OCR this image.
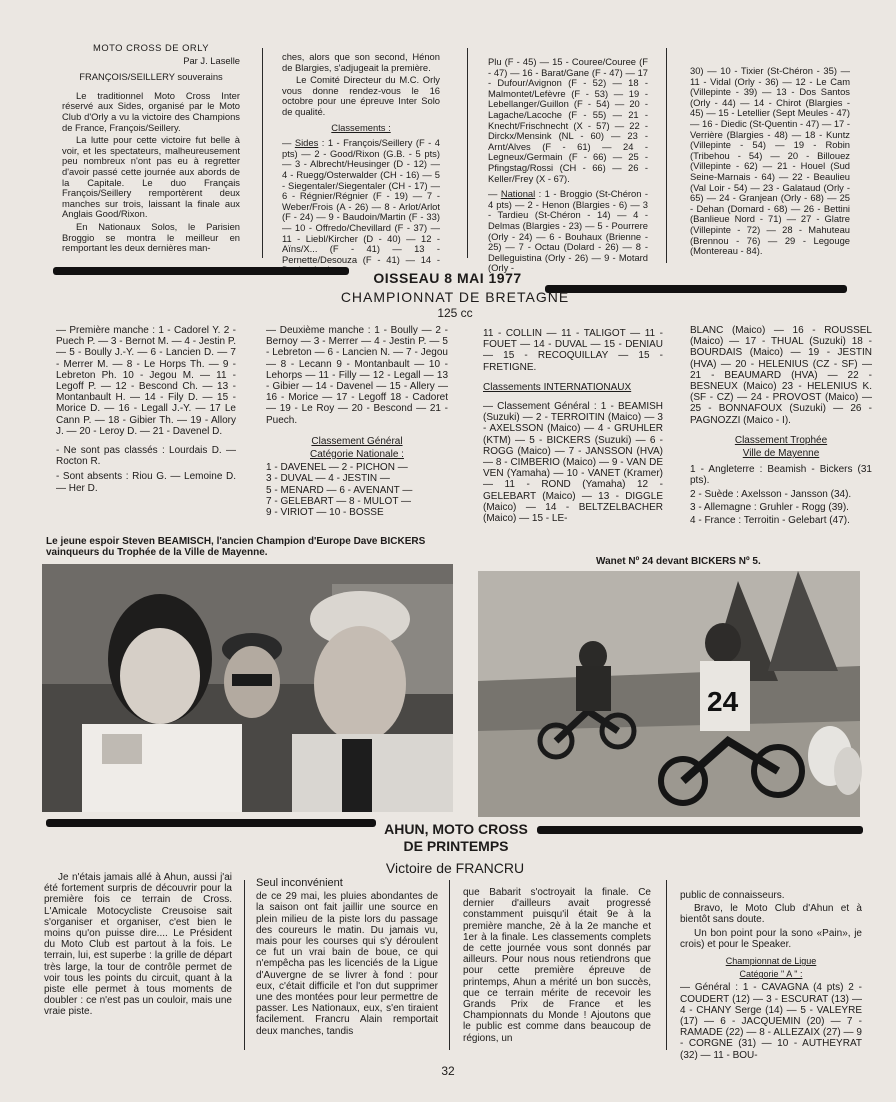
MOTO CROSS DE ORLY

Par J. Laselle

FRANÇOIS/SEILLERY souverains

Le traditionnel Moto Cross Inter réservé aux Sides, organisé par le Moto Club d'Orly a vu la victoire des Champions de France, François/Seillery.

La lutte pour cette victoire fut belle à voir, et les spectateurs, malheureusement peu nombreux n'ont pas eu à regretter d'avoir passé cette journée aux abords de la Capitale. Le duo Français François/Seillery remportèrent deux manches sur trois, laissant la finale aux Anglais Good/Rixon.

En Nationaux Solos, le Parisien Broggio se montra le meilleur en remportant les deux dernières man-

ches, alors que son second, Hénon de Blargies, s'adjugeait la première.

Le Comité Directeur du M.C. Orly vous donne rendez-vous le 16 octobre pour une épreuve Inter Solo de qualité.

Classements :

— Sides : 1 - François/Seillery (F - 4 pts) — 2 - Good/Rixon (G.B. - 5 pts) — 3 - Albrecht/Heusinger (D - 12) — 4 - Ruegg/Osterwalder (CH - 16) — 5 - Siegentaler/Siegentaler (CH - 17) — 6 - Régnier/Régnier (F - 19) — 7 - Weber/Frois (A - 26) — 8 - Arlot/Arlot (F - 24) — 9 - Baudoin/Martin (F - 33) — 10 - Offredo/Chevillard (F - 37) — 11 - Liebl/Kircher (D - 40) — 12 - Aïns/X... (F - 41) — 13 - Pernette/Desouza (F - 41) — 14 -

Plu (F - 45) — 15 - Couree/Couree (F - 47) — 16 - Barat/Gane (F - 47) — 17 - Dufour/Avignon (F - 52) — 18 - Malmontet/Lefèvre (F - 53) — 19 - Lebellanger/Guillon (F - 54) — 20 - Lagache/Lacoche (F - 55) — 21 - Knecht/Frischnecht (X - 57) — 22 - Dirckx/Mensink (NL - 60) — 23 - Arnt/Alves (F - 61) — 24 - Legneux/Germain (F - 66) — 25 - Pfingstag/Rossi (CH - 66) — 26 - Keller/Frey (X - 67).

— National : 1 - Broggio (St-Chéron - 4 pts) — 2 - Henon (Blargies - 6) — 3 - Tardieu (St-Chéron - 14) — 4 - Delmas (Blargies - 23) — 5 - Pourrere (Orly - 24) — 6 - Bouhaux (Brienne - 25) — 7 - Octau (Dolard - 26) — 8 - Delleguistina (Orly - 26) — 9 - Motard (Orly -

30) — 10 - Tixier (St-Chéron - 35) — 11 - Vidal (Orly - 36) — 12 - Le Cam (Villepinte - 39) — 13 - Dos Santos (Orly - 44) — 14 - Chirot (Blargies - 45) — 15 - Letellier (Sept Meules - 47) — 16 - Diedic (St-Quentin - 47) — 17 - Verrière (Blargies - 48) — 18 - Kuntz (Villepinte - 54) — 19 - Robin (Tribehou - 54) — 20 - Billouez (Villepinte - 62) — 21 - Houel (Sud Seine-Marnais - 64) — 22 - Beaulieu (Val Loir - 54) — 23 - Galataud (Orly - 65) — 24 - Granjean (Orly - 68) — 25 - Dehan (Domard - 68) — 26 - Bettini (Banlieue Nord - 71) — 27 - Glatre (Villepinte - 72) — 28 - Mahuteau (Brennou - 76) — 29 - Legouge (Montereau - 84).

OISSEAU 8 MAI 1977
CHAMPIONNAT DE BRETAGNE
125 cc

— Première manche : 1 - Cadorel Y. 2 - Puech P. — 3 - Bernot M. — 4 - Jestin P. — 5 - Boully J.-Y. — 6 - Lancien D. — 7 - Merrer M. — 8 - Le Horps Th. — 9 - Lebreton Ph. 10 - Jegou M. — 11 - Legoff P. — 12 - Bescond Ch. — 13 - Montanbault H. — 14 - Fily D. — 15 - Morice D. — 16 - Legall J.-Y. — 17 Le Cann P. — 18 - Gibier Th. — 19 - Allory J. — 20 - Leroy D. — 21 - Davenel D.

- Ne sont pas classés : Lourdais D. — Rocton R.

- Sont absents : Riou G. — Lemoine D. — Her D.

— Deuxième manche : 1 - Boully — 2 - Bernoy — 3 - Merrer — 4 - Jestin P. — 5 - Lebreton — 6 - Lancien N. — 7 - Jegou — 8 - Lecann 9 - Montanbault — 10 - Lehorps — 11 - Filly — 12 - Legall — 13 - Gibier — 14 - Davenel — 15 - Allery — 16 - Morice — 17 - Legoff 18 - Cadoret — 19 - Le Roy — 20 - Bescond — 21 - Puech.

Classement Général

Catégorie Nationale :

1 - DAVENEL — 2 - PICHON —

3 - DUVAL — 4 - JESTIN —

5 - MENARD — 6 - AVENANT —

7 - GELEBART — 8 - MULOT —

9 - VIRIOT — 10 - BOSSE

11 - COLLIN — 11 - TALIGOT — 11 - FOUET — 14 - DUVAL — 15 - DENIAU — 15 - RECOQUILLAY — 15 - FRETIGNE.

Classements INTERNATIONAUX

— Classement Général : 1 - BEAMISH (Suzuki) — 2 - TERROITIN (Maico) — 3 - AXELSSON (Maico) — 4 - GRUHLER (KTM) — 5 - BICKERS (Suzuki) — 6 - ROGG (Maico) — 7 - JANSSON (HVA) — 8 - CIMBERIO (Maico) — 9 - VAN DE VEN (Yamaha) — 10 - VANET (Kramer) — 11 - ROND (Yamaha) 12 - GELEBART (Maico) — 13 - DIGGLE (Maico) — 14 - BELTZELBACHER (Maico) — 15 - LE-

BLANC (Maico) — 16 - ROUSSEL (Maico) — 17 - THUAL (Suzuki) 18 - BOURDAIS (Maico) — 19 - JESTIN (HVA) — 20 - HELENIUS (CZ - SF) — 21 - BEAUMARD (HVA) — 22 - BESNEUX (Maico) 23 - HELENIUS K. (SF - CZ) — 24 - PROVOST (Maico) — 25 - BONNAFOUX (Suzuki) — 26 - PAGNOZZI (Maico - I).

Classement Trophée

Ville de Mayenne

1 - Angleterre : Beamish - Bickers (31 pts).

2 - Suède : Axelsson - Jansson (34).

3 - Allemagne : Gruhler - Rogg (39).

4 - France : Terroitin - Gelebart (47).

Le jeune espoir Steven BEAMISCH, l'ancien Champion d'Europe Dave BICKERS
vainqueurs du Trophée de la Ville de Mayenne.
Wanet Nº 24 devant BICKERS Nº 5.
24
AHUN, MOTO CROSS
DE PRINTEMPS
Victoire de FRANCRU

Je n'étais jamais allé à Ahun, aussi j'ai été fortement surpris de découvrir pour la première fois ce terrain de Cross. L'Amicale Motocycliste Creusoise sait s'organiser et organiser, c'est bien le moins qu'on puisse dire.... Le Président du Moto Club est partout à la fois. Le terrain, lui, est superbe : la grille de départ très large, la tour de contrôle permet de voir tous les points du circuit, quant à la piste elle permet à tous moments de doubler : ce n'est pas un couloir, mais une vraie piste.

Seul inconvénient

de ce 29 mai, les pluies abondantes de la saison ont fait jaillir une source en plein milieu de la piste lors du passage des coureurs le matin. Du jamais vu, mais pour les courses qui s'y déroulent ce fut un vrai bain de boue, ce qui n'empêcha pas les licenciés de la Ligue d'Auvergne de se livrer à fond : pour eux, c'était difficile et l'on dut supprimer une des montées pour leur permettre de passer. Les Nationaux, eux, s'en tiraient facilement. Francru Alain remportait deux manches, tandis

que Babarit s'octroyait la finale. Ce dernier d'ailleurs avait progressé constamment puisqu'il était 9e à la première manche, 2è à la 2e manche et 1er à la finale. Les classements complets de cette journée vous sont donnés par ailleurs. Pour nous nous retiendrons que pour cette première épreuve de printemps, Ahun a mérité un bon succès, que ce terrain mérite de recevoir les Grands Prix de France et les Championnats du Monde ! Ajoutons que le public est comme dans beaucoup de régions, un

public de connaisseurs.

Bravo, le Moto Club d'Ahun et à bientôt sans doute.

Un bon point pour la sono «Pain», je crois) et pour le Speaker.

Championnat de Ligue

Catégorie " A " :

— Général : 1 - CAVAGNA (4 pts) 2 - COUDERT (12) — 3 - ESCURAT (13) — 4 - CHANY Serge (14) — 5 - VALEYRE (17) — 6 - JACQUEMIN (20) — 7 - RAMADE (22) — 8 - ALLEZAIX (27) — 9 - CORGNE (31) — 10 - AUTHEYRAT (32) — 11 - BOU-

32
